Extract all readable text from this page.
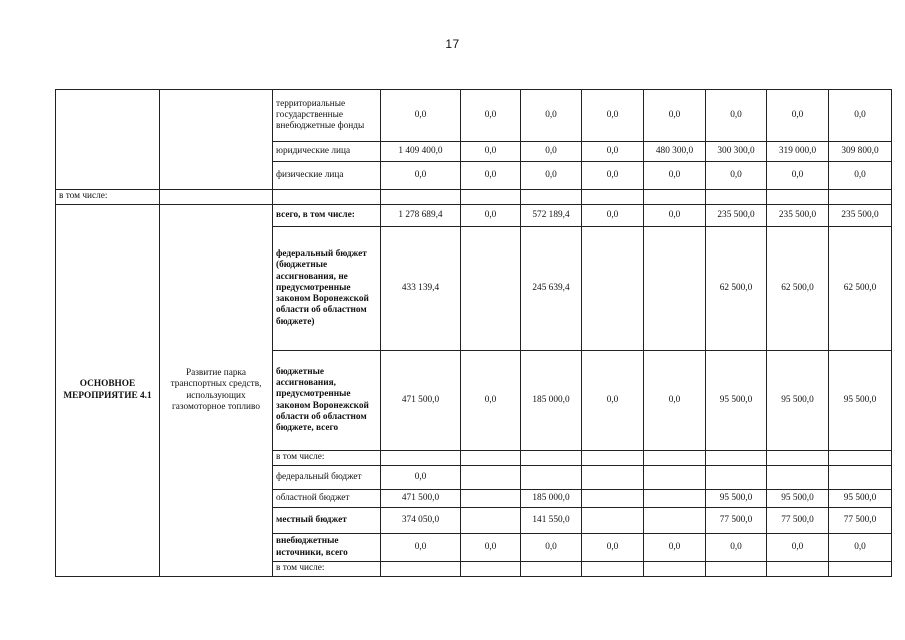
17
		территориальные государственные внебюджетные фонды	0,0	0,0	0,0	0,0	0,0	0,0	0,0	0,0
		юридические лица	1 409 400,0	0,0	0,0	0,0	480 300,0	300 300,0	319 000,0	309 800,0
		физические лица	0,0	0,0	0,0	0,0	0,0	0,0	0,0	0,0
в том числе:										
ОСНОВНОЕ МЕРОПРИЯТИЕ 4.1	Развитие парка транспортных средств, использующих газомоторное топливо	всего, в том числе:	1 278 689,4	0,0	572 189,4	0,0	0,0	235 500,0	235 500,0	235 500,0
		федеральный бюджет (бюджетные ассигнования, не предусмотренные законом Воронежской области об областном бюджете)	433 139,4		245 639,4			62 500,0	62 500,0	62 500,0
		бюджетные ассигнования, предусмотренные законом Воронежской области об областном бюджете, всего	471 500,0	0,0	185 000,0	0,0	0,0	95 500,0	95 500,0	95 500,0
		в том числе:								
		федеральный бюджет	0,0							
		областной бюджет	471 500,0		185 000,0			95 500,0	95 500,0	95 500,0
		местный бюджет	374 050,0		141 550,0			77 500,0	77 500,0	77 500,0
		внебюджетные источники, всего	0,0	0,0	0,0	0,0	0,0	0,0	0,0	0,0
		в том числе:								
